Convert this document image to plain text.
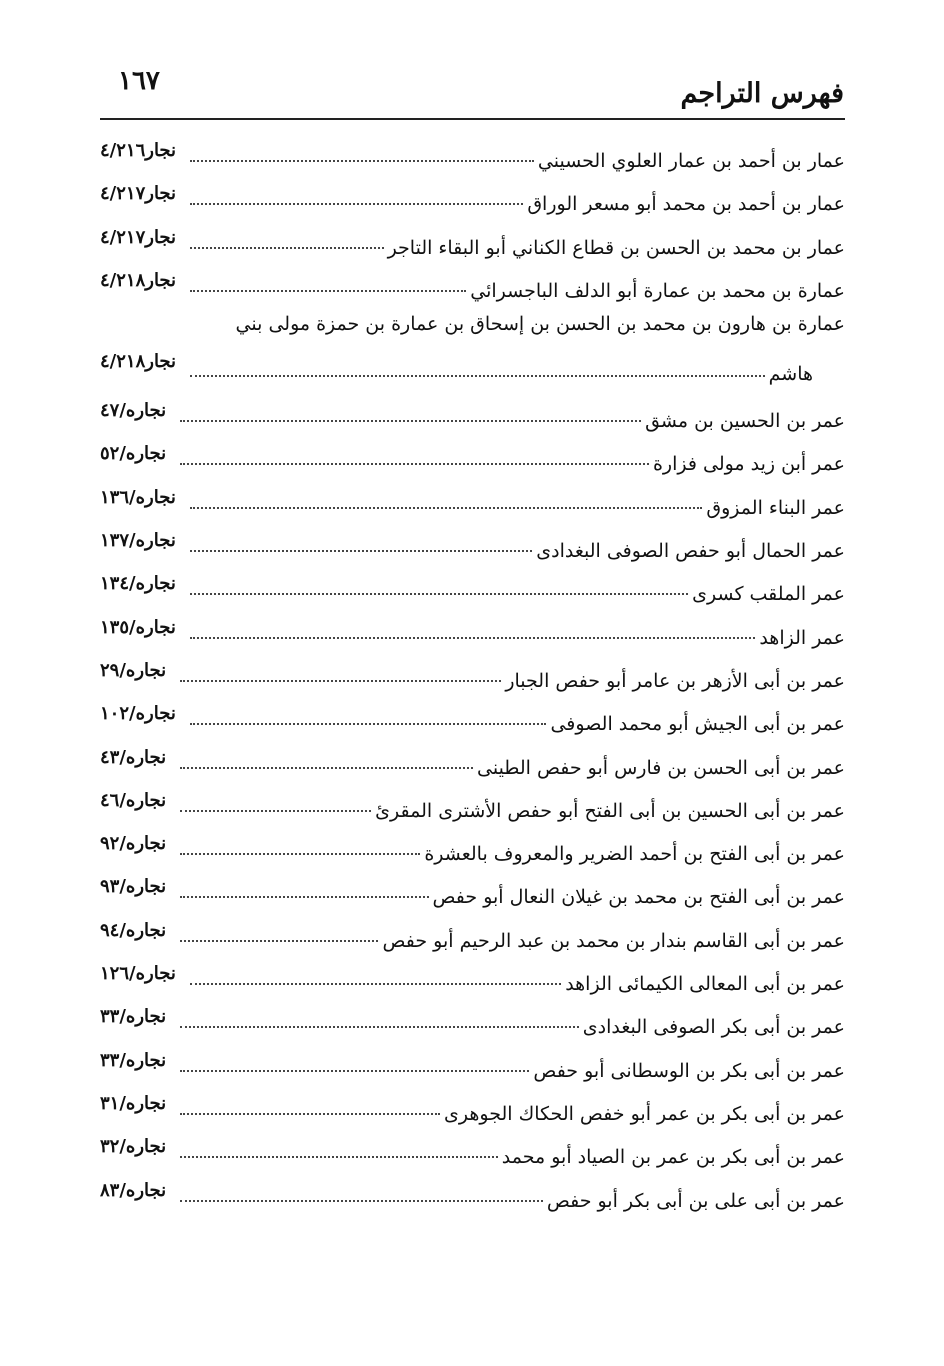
١٦٧	فهرس التراجم
عمار بن أحمد بن عمار العلوي الحسيني
نجار٤/٢١٦
عمار بن أحمد بن محمد أبو مسعر الوراق
نجار٤/٢١٧
عمار بن محمد بن الحسن بن قطاع الكناني أبو البقاء التاجر
نجار٤/٢١٧
عمارة بن محمد بن عمارة أبو الدلف الباجسرائي
نجار٤/٢١٨
عمارة بن هارون بن محمد بن الحسن بن إسحاق بن عمارة بن حمزة مولى بني
هاشم
نجار٤/٢١٨
عمر بن الحسين بن مشق
نجاره/٤٧
عمر أبن زيد مولى فزارة
نجاره/٥٢
عمر البناء المزوق
نجاره/١٣٦
عمر الحمال أبو حفص الصوفى البغدادى
نجاره/١٣٧
عمر الملقب كسرى
نجاره/١٣٤
عمر الزاهد
نجاره/١٣٥
عمر بن أبى الأزهر بن عامر أبو حفص الجبار
نجاره/٢٩
عمر بن أبى الجيش أبو محمد الصوفى
نجاره/١٠٢
عمر بن أبى الحسن بن فارس أبو حفص الطينى
نجاره/٤٣
عمر بن أبى الحسين بن أبى الفتح أبو حفص الأشترى المقرئ
نجاره/٤٦
عمر بن أبى الفتح بن أحمد الضرير والمعروف بالعشرة
نجاره/٩٢
عمر بن أبى الفتح بن محمد بن غيلان النعال أبو حفص
نجاره/٩٣
عمر بن أبى القاسم بندار بن محمد بن عبد الرحيم أبو حفص
نجاره/٩٤
عمر بن أبى المعالى الكيمائى الزاهد
نجاره/١٢٦
عمر بن أبى بكر الصوفى البغدادى
نجاره/٣٣
عمر بن أبى بكر بن الوسطانى أبو حفص
نجاره/٣٣
عمر بن أبى بكر بن عمر أبو خفص الحكاك الجوهرى
نجاره/٣١
عمر بن أبى بكر بن عمر بن الصياد أبو محمد
نجاره/٣٢
عمر بن أبى على بن أبى بكر أبو حفص
نجاره/٨٣
